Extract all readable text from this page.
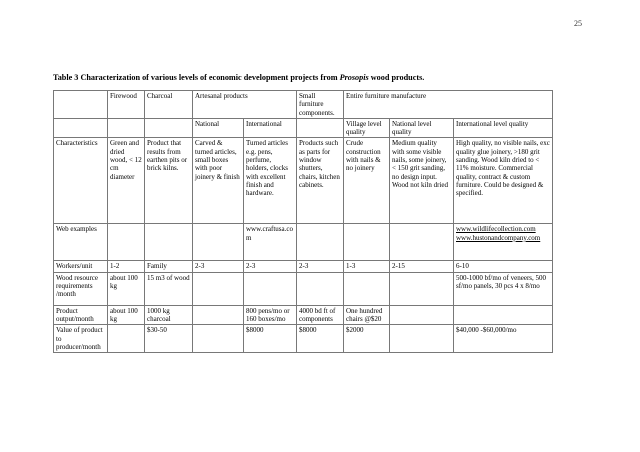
25

Table 3 Characterization of various levels of economic development projects from Prosopis wood products.

	Firewood	Charcoal	Artesanal products		Small furniture components.	Entire furniture manufacture		
			National	International		Village level quality	National level quality	International level quality
Characteristics	Green and dried wood, < 12 cm diameter	Product that results from earthen pits or brick kilns.	Carved & turned articles, small boxes with poor joinery & finish	Turned articles e.g. pens, perfume, holders, clocks with excellent finish and hardware.	Products such as parts for window shutters, chairs, kitchen cabinets.	Crude construction with nails & no joinery	Medium quality with some visible nails, some joinery, < 150 grit sanding, no design input. Wood not kiln dried	High quality, no visible nails, exc quality glue joinery, >180 grit sanding. Wood kiln dried to < 11% moisture. Commercial quality, contract & custom furniture. Could be designed & specified.
Web examples				www.craftusa.com				www.wildlifecollection.com
www.hustonandcompany.com

Workers/unit	1-2	Family	2-3	2-3	2-3	1-3	2-15	6-10
Wood resource requirements /month	about 100 kg	15 m3 of wood						500-1000 bf/mo of veneers, 500 sf/mo panels, 30 pcs 4 x 8/mo
Product output/month	about 100 kg	1000 kg charcoal		800 pens/mo or 160 boxes/mo	4000 bd ft of components	One hundred chairs @$20		
Value of product to producer/month		$30-50		$8000	$8000	$2000		$40,000 -$60,000/mo
